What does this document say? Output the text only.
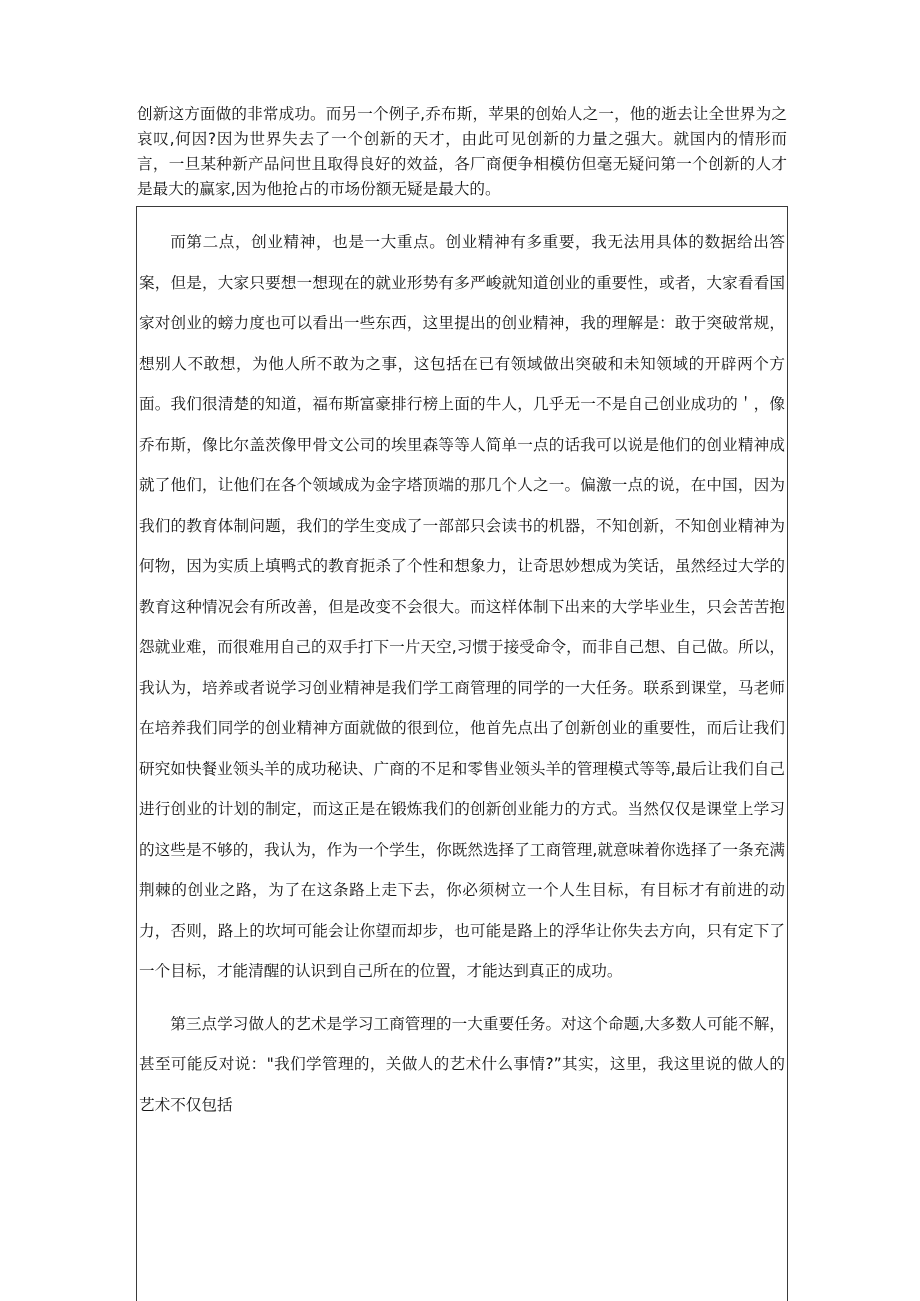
创新这方面做的非常成功。而另一个例子,乔布斯，苹果的创始人之一，他的逝去让全世界为之哀叹,何因?因为世界失去了一个创新的天才，由此可见创新的力量之强大。就国内的情形而言，一旦某种新产品问世且取得良好的效益，各厂商便争相模仿但毫无疑问第一个创新的人才是最大的赢家,因为他抢占的市场份额无疑是最大的。

而第二点，创业精神，也是一大重点。创业精神有多重要，我无法用具体的数据给出答案，但是，大家只要想一想现在的就业形势有多严峻就知道创业的重要性，或者，大家看看国家对创业的螃力度也可以看出一些东西，这里提出的创业精神，我的理解是：敢于突破常规，想别人不敢想，为他人所不敢为之事，这包括在已有领域做出突破和未知领域的开辟两个方面。我们很清楚的知道，福布斯富豪排行榜上面的牛人，几乎无一不是自己创业成功的＇，像乔布斯，像比尔盖茨像甲骨文公司的埃里森等等人简单一点的话我可以说是他们的创业精神成就了他们，让他们在各个领域成为金字塔顶端的那几个人之一。偏激一点的说，在中国，因为我们的教育体制问题，我们的学生变成了一部部只会读书的机器，不知创新，不知创业精神为何物，因为实质上填鸭式的教育扼杀了个性和想象力，让奇思妙想成为笑话，虽然经过大学的教育这种情况会有所改善，但是改变不会很大。而这样体制下出来的大学毕业生，只会苦苦抱怨就业难，而很难用自己的双手打下一片天空,习惯于接受命令，而非自己想、自己做。所以，我认为，培养或者说学习创业精神是我们学工商管理的同学的一大任务。联系到课堂，马老师在培养我们同学的创业精神方面就做的很到位，他首先点出了创新创业的重要性，而后让我们研究如快餐业领头羊的成功秘诀、广商的不足和零售业领头羊的管理模式等等,最后让我们自己进行创业的计划的制定，而这正是在锻炼我们的创新创业能力的方式。当然仅仅是课堂上学习的这些是不够的，我认为，作为一个学生，你既然选择了工商管理,就意味着你选择了一条充满荆棘的创业之路，为了在这条路上走下去，你必须树立一个人生目标，有目标才有前进的动力，否则，路上的坎坷可能会让你望而却步，也可能是路上的浮华让你失去方向，只有定下了一个目标，才能清醒的认识到自己所在的位置，才能达到真正的成功。

第三点学习做人的艺术是学习工商管理的一大重要任务。对这个命题,大多数人可能不解，甚至可能反对说："我们学管理的，关做人的艺术什么事情?”其实，这里，我这里说的做人的艺术不仅包括
